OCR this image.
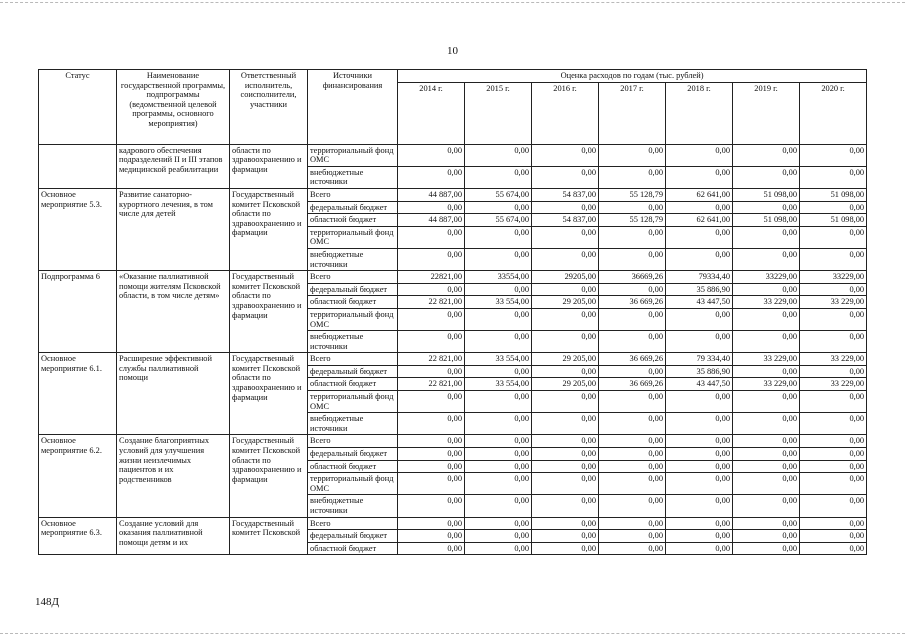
10
Статус	Наименование государственной программы, подпрограммы (ведомственной целевой программы, основного мероприятия)	Ответственный исполнитель, соисполнители, участники	Источники финансирования	Оценка расходов по годам (тыс. рублей)						
				2014 г.	2015 г.	2016 г.	2017 г.	2018 г.	2019 г.	2020 г.
	кадрового обеспечения подразделений II и III этапов медицинской реабилитации	области по здравоохранению и фармации	территориальный фонд ОМС	0,00	0,00	0,00	0,00	0,00	0,00	0,00
			внебюджетные источники	0,00	0,00	0,00	0,00	0,00	0,00	0,00
Основное мероприятие 5.3.	Развитие санаторно-курортного лечения, в том числе для детей	Государственный комитет Псковской области по здравоохранению и фармации	Всего	44 887,00	55 674,00	54 837,00	55 128,79	62 641,00	51 098,00	51 098,00
			федеральный бюджет	0,00	0,00	0,00	0,00	0,00	0,00	0,00
			областной бюджет	44 887,00	55 674,00	54 837,00	55 128,79	62 641,00	51 098,00	51 098,00
			территориальный фонд ОМС	0,00	0,00	0,00	0,00	0,00	0,00	0,00
			внебюджетные источники	0,00	0,00	0,00	0,00	0,00	0,00	0,00
Подпрограмма 6	«Оказание паллиативной помощи жителям Псковской области, в том числе детям»	Государственный комитет Псковской области по здравоохранению и фармации	Всего	22821,00	33554,00	29205,00	36669,26	79334,40	33229,00	33229,00
			федеральный бюджет	0,00	0,00	0,00	0,00	35 886,90	0,00	0,00
			областной бюджет	22 821,00	33 554,00	29 205,00	36 669,26	43 447,50	33 229,00	33 229,00
			территориальный фонд ОМС	0,00	0,00	0,00	0,00	0,00	0,00	0,00
			внебюджетные источники	0,00	0,00	0,00	0,00	0,00	0,00	0,00
Основное мероприятие 6.1.	Расширение эффективной службы паллиативной помощи	Государственный комитет Псковской области по здравоохранению и фармации	Всего	22 821,00	33 554,00	29 205,00	36 669,26	79 334,40	33 229,00	33 229,00
			федеральный бюджет	0,00	0,00	0,00	0,00	35 886,90	0,00	0,00
			областной бюджет	22 821,00	33 554,00	29 205,00	36 669,26	43 447,50	33 229,00	33 229,00
			территориальный фонд ОМС	0,00	0,00	0,00	0,00	0,00	0,00	0,00
			внебюджетные источники	0,00	0,00	0,00	0,00	0,00	0,00	0,00
Основное мероприятие 6.2.	Создание благоприятных условий для улучшения жизни неизлечимых пациентов и их родственников	Государственный комитет Псковской области по здравоохранению и фармации	Всего	0,00	0,00	0,00	0,00	0,00	0,00	0,00
			федеральный бюджет	0,00	0,00	0,00	0,00	0,00	0,00	0,00
			областной бюджет	0,00	0,00	0,00	0,00	0,00	0,00	0,00
			территориальный фонд ОМС	0,00	0,00	0,00	0,00	0,00	0,00	0,00
			внебюджетные источники	0,00	0,00	0,00	0,00	0,00	0,00	0,00
Основное мероприятие 6.3.	Создание условий для оказания паллиативной помощи детям и их	Государственный комитет Псковской	Всего	0,00	0,00	0,00	0,00	0,00	0,00	0,00
			федеральный бюджет	0,00	0,00	0,00	0,00	0,00	0,00	0,00
			областной бюджет	0,00	0,00	0,00	0,00	0,00	0,00	0,00
148Д
